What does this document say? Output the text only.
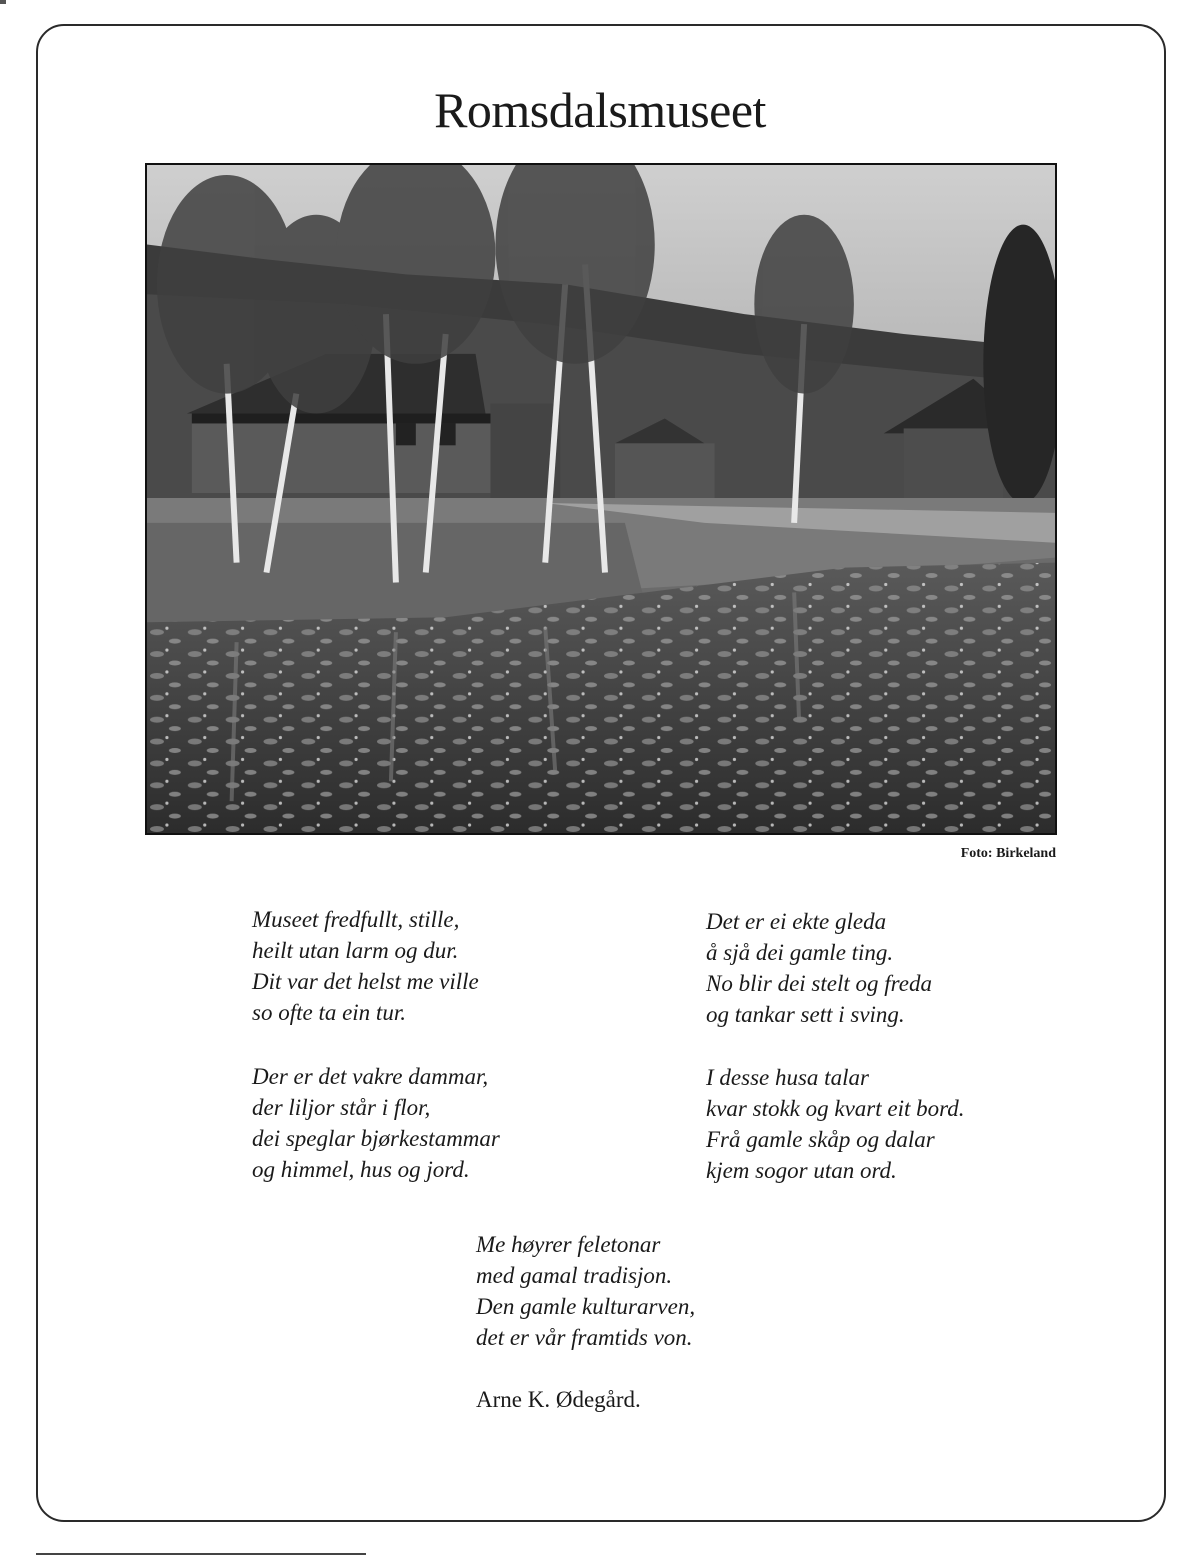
Romsdalsmuseet
Foto: Birkeland
Museet fredfullt, stille,
heilt utan larm og dur.
Dit var det helst me ville
so ofte ta ein tur.
Der er det vakre dammar,
der liljor står i flor,
dei speglar bjørkestammar
og himmel, hus og jord.
Det er ei ekte gleda
å sjå dei gamle ting.
No blir dei stelt og freda
og tankar sett i sving.
I desse husa talar
kvar stokk og kvart eit bord.
Frå gamle skåp og dalar
kjem sogor utan ord.
Me høyrer feletonar
med gamal tradisjon.
Den gamle kulturarven,
det er vår framtids von.
Arne K. Ødegård.
